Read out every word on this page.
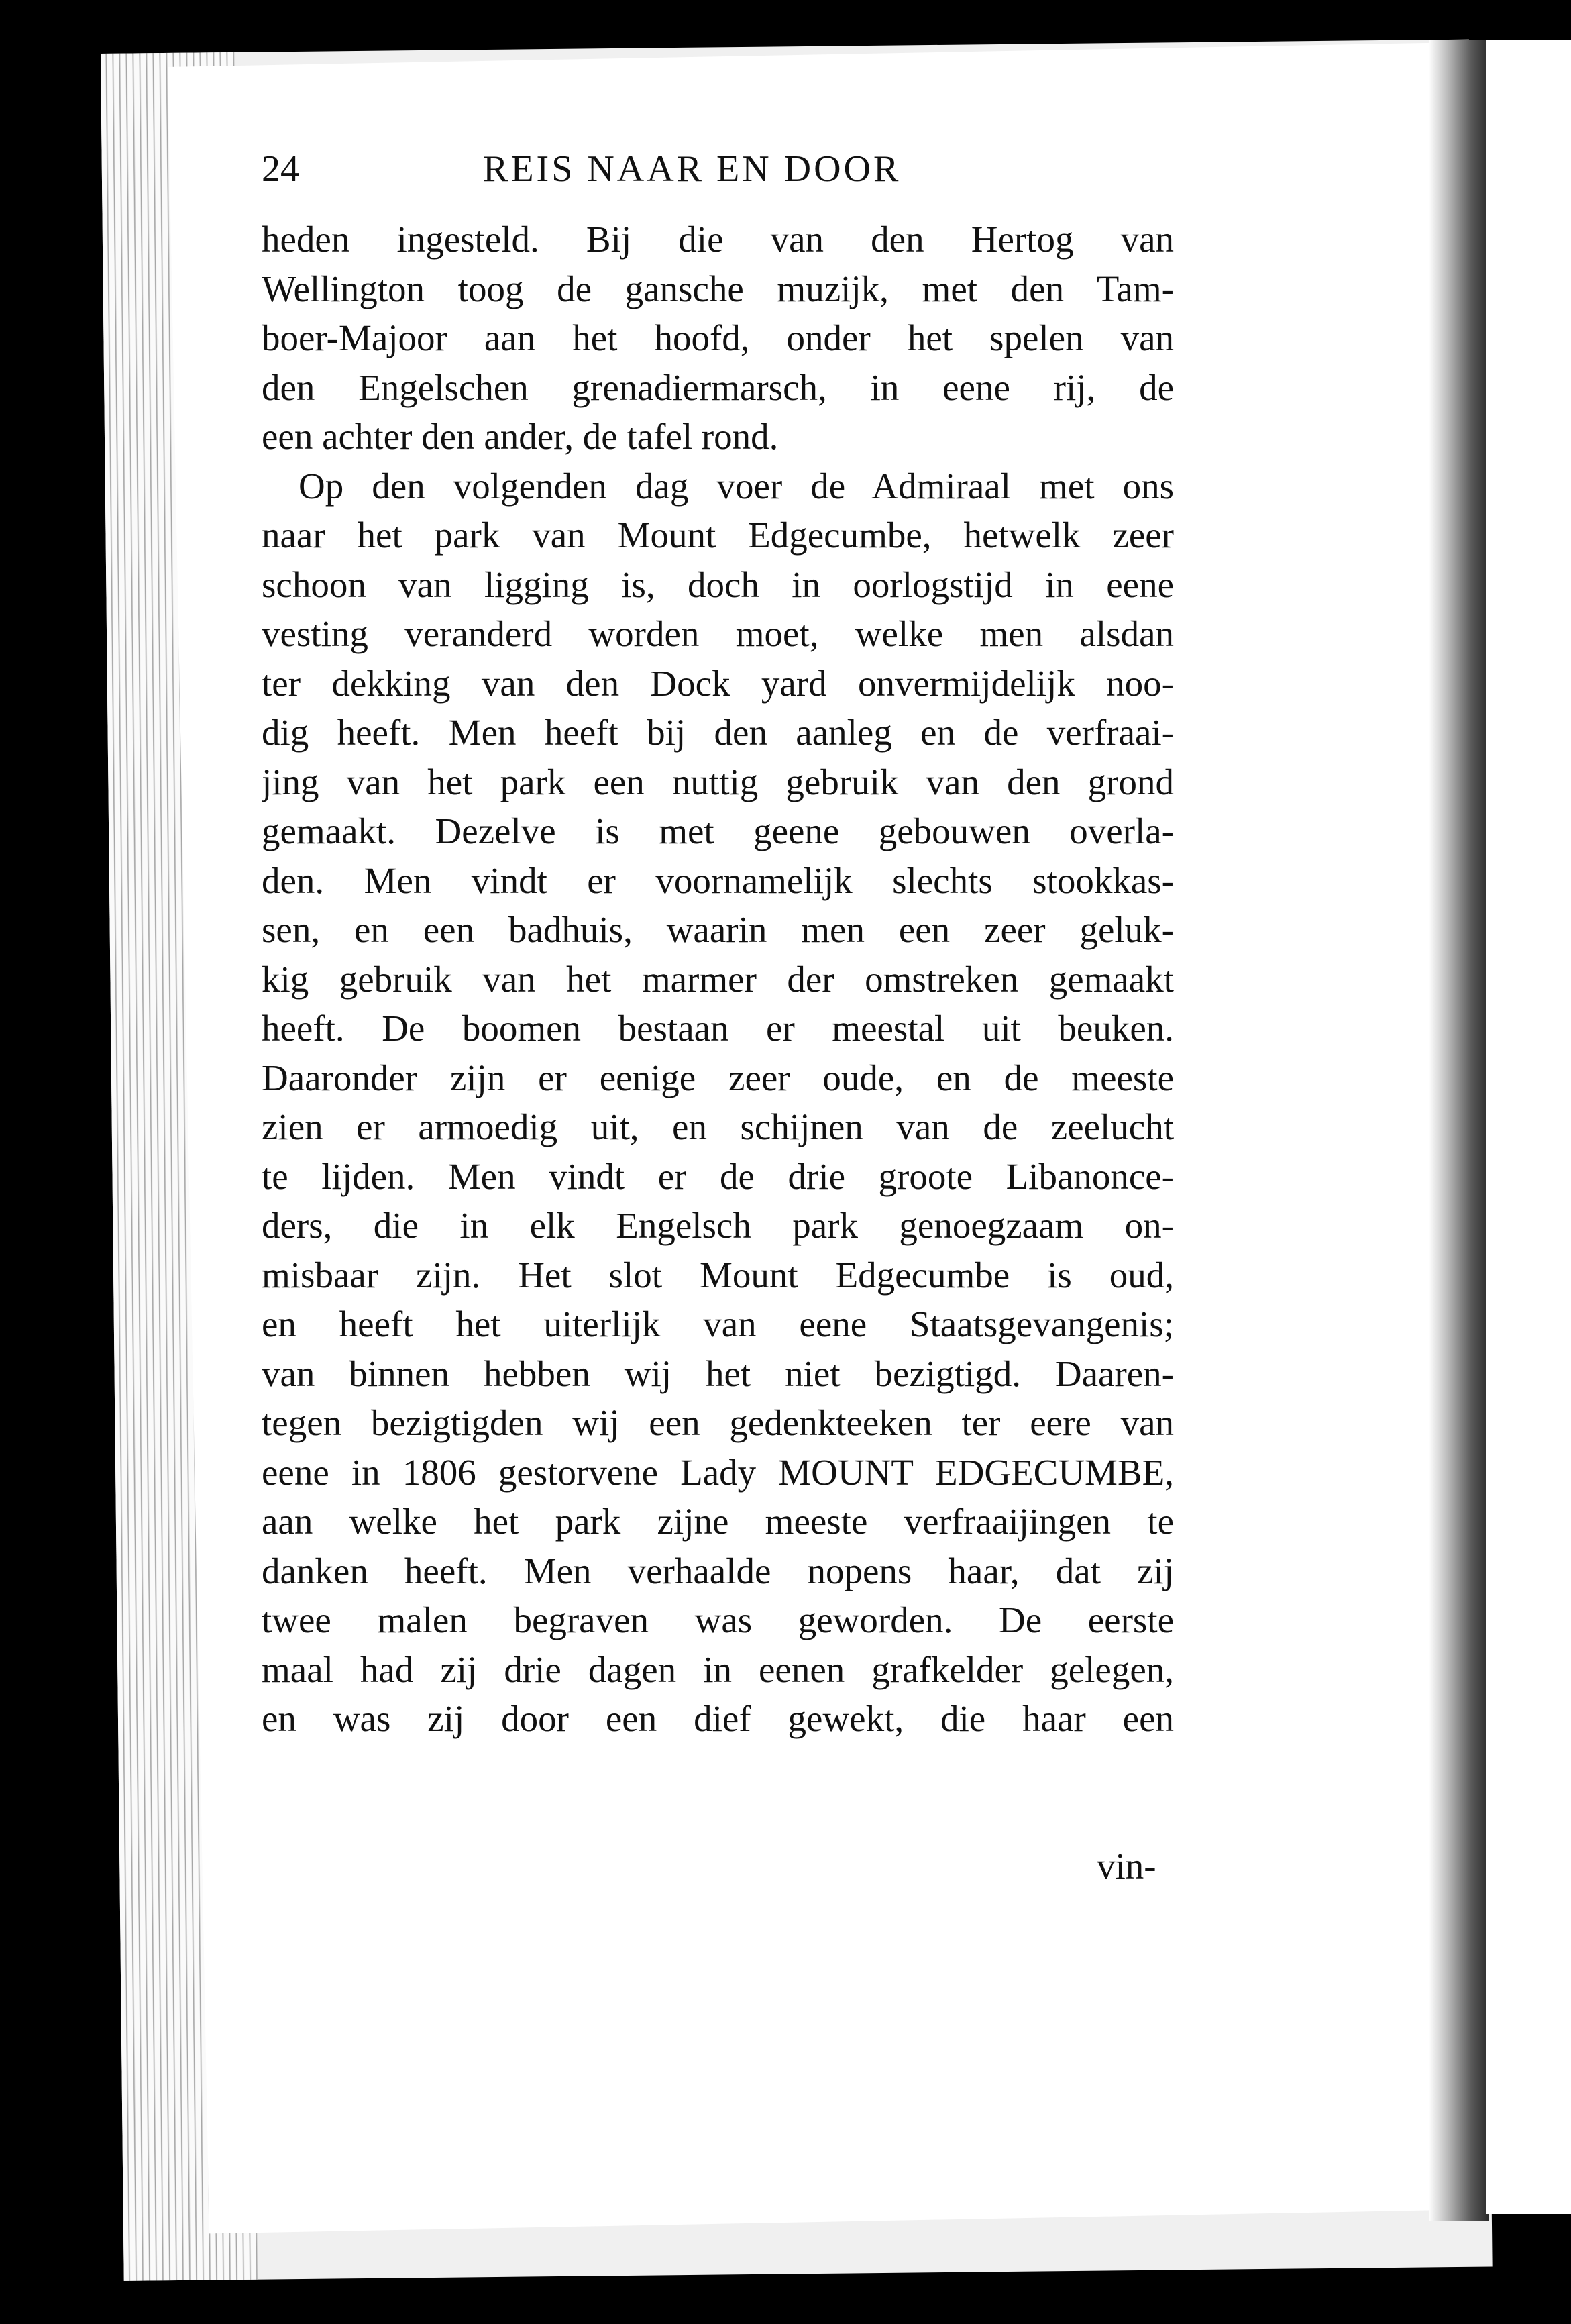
24	REIS NAAR EN DOOR
heden ingesteld. Bij die van den Hertog van
Wellington toog de gansche muzijk, met den Tam-
boer-Majoor aan het hoofd, onder het spelen van
den Engelschen grenadiermarsch, in eene rij, de
een achter den ander, de tafel rond.
Op den volgenden dag voer de Admiraal met ons
naar het park van Mount Edgecumbe, hetwelk zeer
schoon van ligging is, doch in oorlogstijd in eene
vesting veranderd worden moet, welke men alsdan
ter dekking van den Dock yard onvermijdelijk noo-
dig heeft. Men heeft bij den aanleg en de verfraai-
jing van het park een nuttig gebruik van den grond
gemaakt. Dezelve is met geene gebouwen overla-
den. Men vindt er voornamelijk slechts stookkas-
sen, en een badhuis, waarin men een zeer geluk-
kig gebruik van het marmer der omstreken gemaakt
heeft. De boomen bestaan er meestal uit beuken.
Daaronder zijn er eenige zeer oude, en de meeste
zien er armoedig uit, en schijnen van de zeelucht
te lijden. Men vindt er de drie groote Libanonce-
ders, die in elk Engelsch park genoegzaam on-
misbaar zijn. Het slot Mount Edgecumbe is oud,
en heeft het uiterlijk van eene Staatsgevangenis;
van binnen hebben wij het niet bezigtigd. Daaren-
tegen bezigtigden wij een gedenkteeken ter eere van
eene in 1806 gestorvene Lady MOUNT EDGECUMBE,
aan welke het park zijne meeste verfraaijingen te
danken heeft. Men verhaalde nopens haar, dat zij
twee malen begraven was geworden. De eerste
maal had zij drie dagen in eenen grafkelder gelegen,
en was zij door een dief gewekt, die haar een
vin-
